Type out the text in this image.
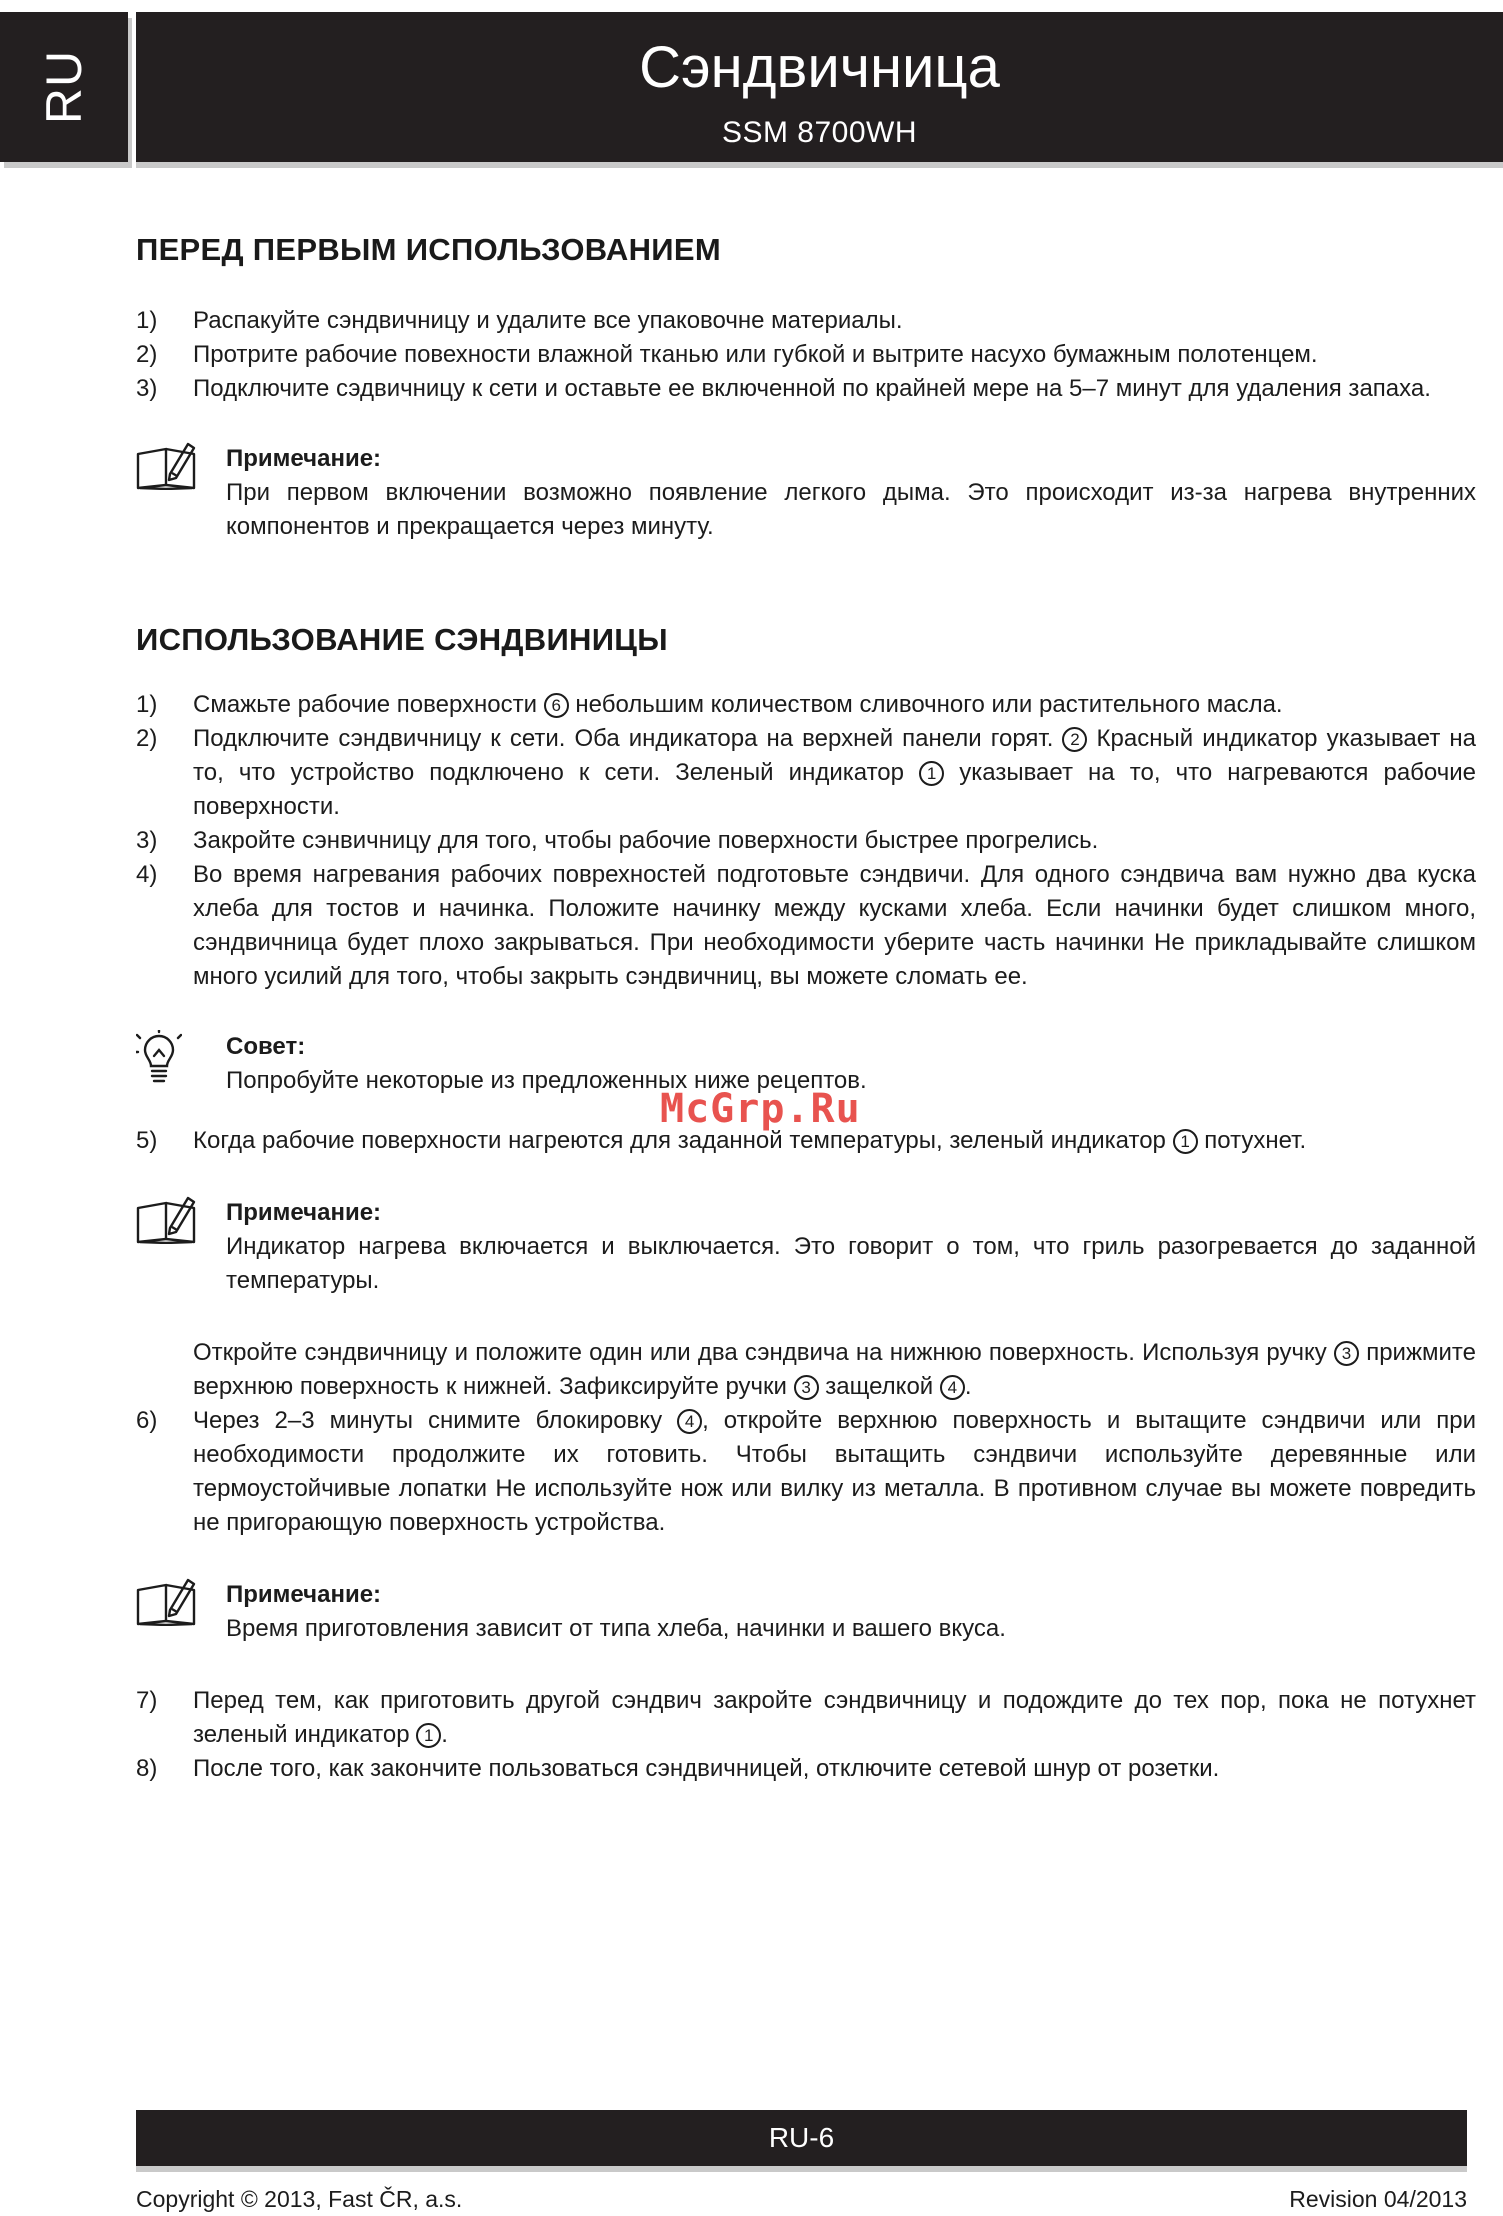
RU	Сэндвичница
SSM 8700WH
ПЕРЕД ПЕРВЫМ ИСПОЛЬЗОВАНИЕМ
1)	Распакуйте сэндвичницу и удалите все упаковочне материалы.
2)	Протрите рабочие повехности влажной тканью или губкой и вытрите насухо бумажным полотенцем.
3)	Подключите сэдвичницу к сети и оставьте ее включенной по крайней мере на 5–7 минут для удаления запаха.
Примечание:
При первом включении возможно появление легкого дыма. Это происходит из-за нагрева внутренних компонентов и прекращается через минуту.
ИСПОЛЬЗОВАНИЕ СЭНДВИНИЦЫ
1)	Смажьте рабочие поверхности 6 небольшим количеством сливочного или растительного масла.
2)	Подключите сэндвичницу к сети. Оба индикатора на верхней панели горят. 2 Красный индикатор указывает на то, что устройство подключено к сети. Зеленый индикатор 1 указывает на то, что нагреваются рабочие поверхности.
3)	Закройте сэнвичницу для того, чтобы рабочие поверхности быстрее прогрелись.
4)	Во время нагревания рабочих поврехностей подготовьте сэндвичи. Для одного сэндвича вам нужно два куска хлеба для тостов и начинка. Положите начинку между кусками хлеба. Если начинки будет слишком много, сэндвичница будет плохо закрываться. При необходимости уберите часть начинки Не прикладывайте слишком много усилий для того, чтобы закрыть сэндвичниц, вы можете сломать ее.
Совет:
Попробуйте некоторые из предложенных ниже рецептов.
5)	Когда рабочие поверхности нагреются для заданной температуры, зеленый индикатор 1 потухнет.
Примечание:
Индикатор нагрева включается и выключается. Это говорит о том, что гриль разогревается до заданной температуры.
Откройте сэндвичницу и положите один или два сэндвича на нижнюю поверхность. Используя ручку 3 прижмите верхнюю поверхность к нижней. Зафиксируйте ручки 3 защелкой 4 .
6)	Через 2–3 минуты снимите блокировку 4 , откройте верхнюю поверхность и вытащите сэндвичи или при необходимости продолжите их готовить. Чтобы вытащить сэндвичи используйте деревянные или термоустойчивые лопатки Не используйте нож или вилку из металла. В противном случае вы можете повредить не пригорающую поверхность устройства.
Примечание:
Время приготовления зависит от типа хлеба, начинки и вашего вкуса.
7)	Перед тем, как приготовить другой сэндвич закройте сэндвичницу и подождите до тех пор, пока не потухнет зеленый индикатор 1 .
8)	После того, как закончите пользоваться сэндвичницей, отключите сетевой шнур от розетки.
McGrp.Ru
RU-6
Copyright © 2013, Fast ČR, a.s.	Revision 04/2013
